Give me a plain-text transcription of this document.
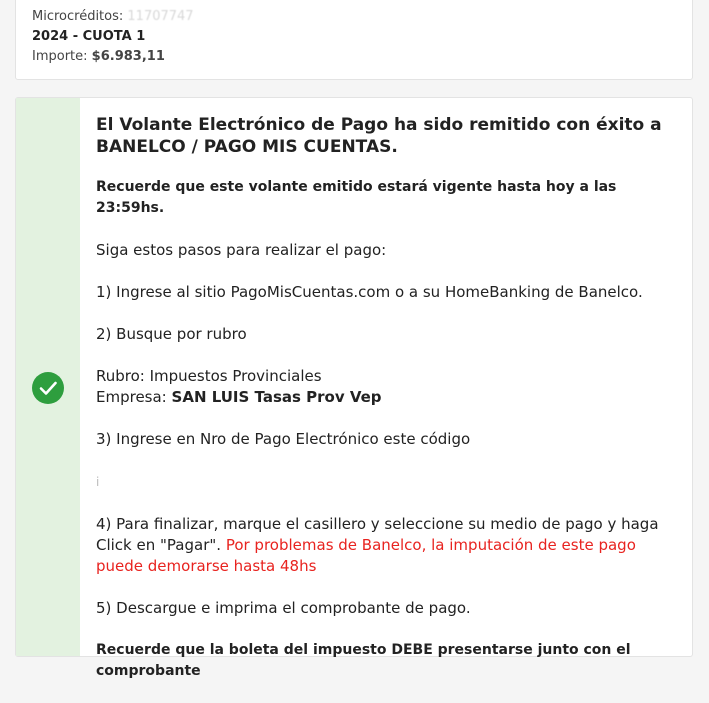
Microcréditos: 11707747
2024 - CUOTA 1
Importe: $6.983,11
El Volante Electrónico de Pago ha sido remitido con éxito a BANELCO / PAGO MIS CUENTAS.
Recuerde que este volante emitido estará vigente hasta hoy a las 23:59hs.
Siga estos pasos para realizar el pago:
1) Ingrese al sitio PagoMisCuentas.com o a su HomeBanking de Banelco.
2) Busque por rubro
Rubro: Impuestos Provinciales
Empresa: SAN LUIS Tasas Prov Vep
3) Ingrese en Nro de Pago Electrónico este código
i
4) Para finalizar, marque el casillero y seleccione su medio de pago y haga Click en "Pagar". Por problemas de Banelco, la imputación de este pago puede demorarse hasta 48hs
5) Descargue e imprima el comprobante de pago.
Recuerde que la boleta del impuesto DEBE presentarse junto con el comprobante
